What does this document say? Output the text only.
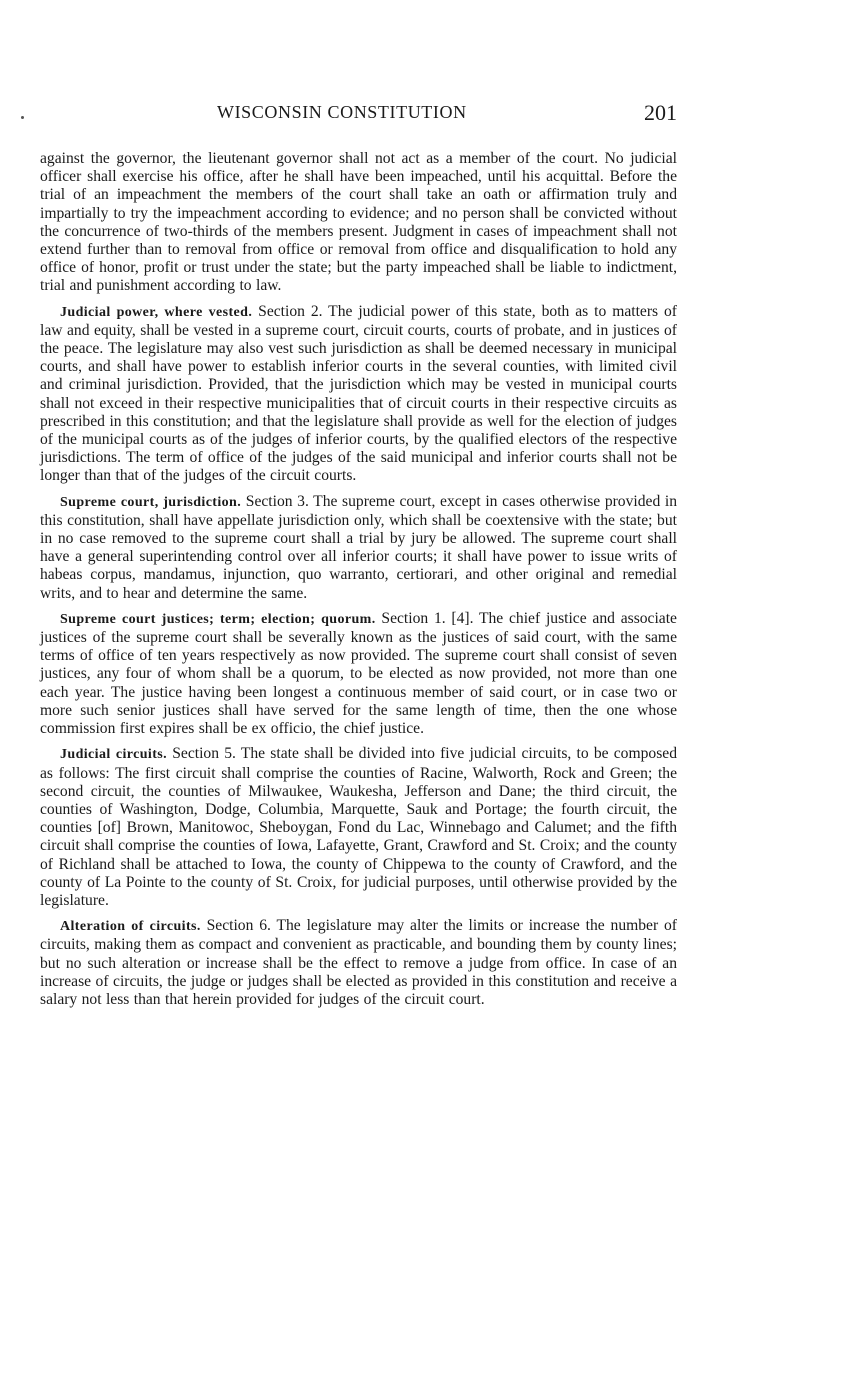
WISCONSIN CONSTITUTION	201

against the governor, the lieutenant governor shall not act as a member of the court. No judicial officer shall exercise his office, after he shall have been impeached, until his acquittal. Before the trial of an impeachment the members of the court shall take an oath or affirmation truly and impartially to try the impeachment according to evidence; and no person shall be convicted without the concurrence of two-thirds of the members present. Judgment in cases of impeachment shall not extend further than to removal from office or removal from office and disqualification to hold any office of honor, profit or trust under the state; but the party impeached shall be liable to indictment, trial and punishment according to law.

Judicial power, where vested. Section 2. The judicial power of this state, both as to matters of law and equity, shall be vested in a supreme court, circuit courts, courts of probate, and in justices of the peace. The legislature may also vest such jurisdiction as shall be deemed necessary in municipal courts, and shall have power to establish inferior courts in the several counties, with limited civil and criminal jurisdiction. Provided, that the jurisdiction which may be vested in municipal courts shall not exceed in their respective municipalities that of circuit courts in their respective circuits as prescribed in this constitution; and that the legislature shall provide as well for the election of judges of the municipal courts as of the judges of inferior courts, by the qualified electors of the respective jurisdictions. The term of office of the judges of the said municipal and inferior courts shall not be longer than that of the judges of the circuit courts.

Supreme court, jurisdiction. Section 3. The supreme court, except in cases otherwise provided in this constitution, shall have appellate jurisdiction only, which shall be coextensive with the state; but in no case removed to the supreme court shall a trial by jury be allowed. The supreme court shall have a general superintending control over all inferior courts; it shall have power to issue writs of habeas corpus, mandamus, injunction, quo warranto, certiorari, and other original and remedial writs, and to hear and determine the same.

Supreme court justices; term; election; quorum. Section 1. [4]. The chief justice and associate justices of the supreme court shall be severally known as the justices of said court, with the same terms of office of ten years respectively as now provided. The supreme court shall consist of seven justices, any four of whom shall be a quorum, to be elected as now provided, not more than one each year. The justice having been longest a continuous member of said court, or in case two or more such senior justices shall have served for the same length of time, then the one whose commission first expires shall be ex officio, the chief justice.

Judicial circuits. Section 5. The state shall be divided into five judicial circuits, to be composed as follows: The first circuit shall comprise the counties of Racine, Walworth, Rock and Green; the second circuit, the counties of Milwaukee, Waukesha, Jefferson and Dane; the third circuit, the counties of Washington, Dodge, Columbia, Marquette, Sauk and Portage; the fourth circuit, the counties [of] Brown, Manitowoc, Sheboygan, Fond du Lac, Winnebago and Calumet; and the fifth circuit shall comprise the counties of Iowa, Lafayette, Grant, Crawford and St. Croix; and the county of Richland shall be attached to Iowa, the county of Chippewa to the county of Crawford, and the county of La Pointe to the county of St. Croix, for judicial purposes, until otherwise provided by the legislature.

Alteration of circuits. Section 6. The legislature may alter the limits or increase the number of circuits, making them as compact and convenient as practicable, and bounding them by county lines; but no such alteration or increase shall be the effect to remove a judge from office. In case of an increase of circuits, the judge or judges shall be elected as provided in this constitution and receive a salary not less than that herein provided for judges of the circuit court.
